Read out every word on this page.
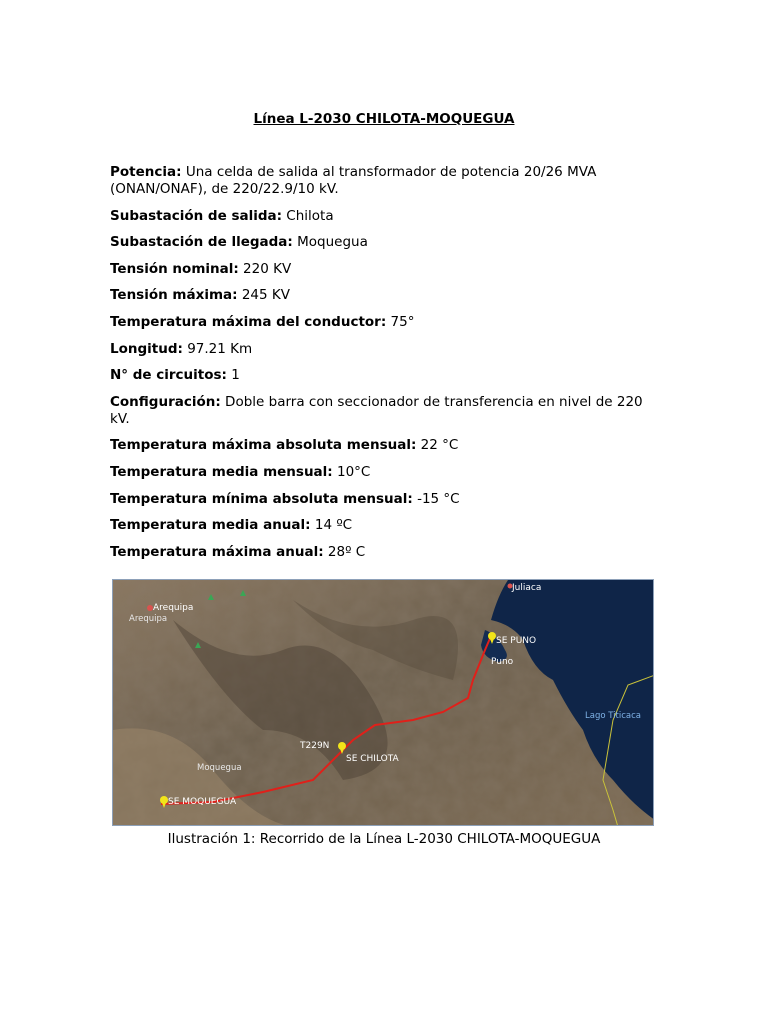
Línea L-2030 CHILOTA-MOQUEGUA

Potencia: Una celda de salida al transformador de potencia 20/26 MVA (ONAN/ONAF), de 220/22.9/10 kV.

Subastación de salida: Chilota

Subastación de llegada: Moquegua

Tensión nominal: 220 KV

Tensión máxima: 245 KV

Temperatura máxima del conductor: 75°

Longitud: 97.21 Km

N° de circuitos: 1

Configuración: Doble barra con seccionador de transferencia en nivel de 220 kV.

Temperatura máxima absoluta mensual: 22 °C

Temperatura media mensual: 10°C

Temperatura mínima absoluta mensual: -15 °C

Temperatura media anual: 14 ºC

Temperatura máxima anual: 28º C

Arequipa
Arequipa
Juliaca
SE PUNO
Puno
Lago Titicaca
T229N
SE CHILOTA
Moquegua
SE MOQUEGUA
Ilustración 1: Recorrido de la Línea L-2030 CHILOTA-MOQUEGUA
